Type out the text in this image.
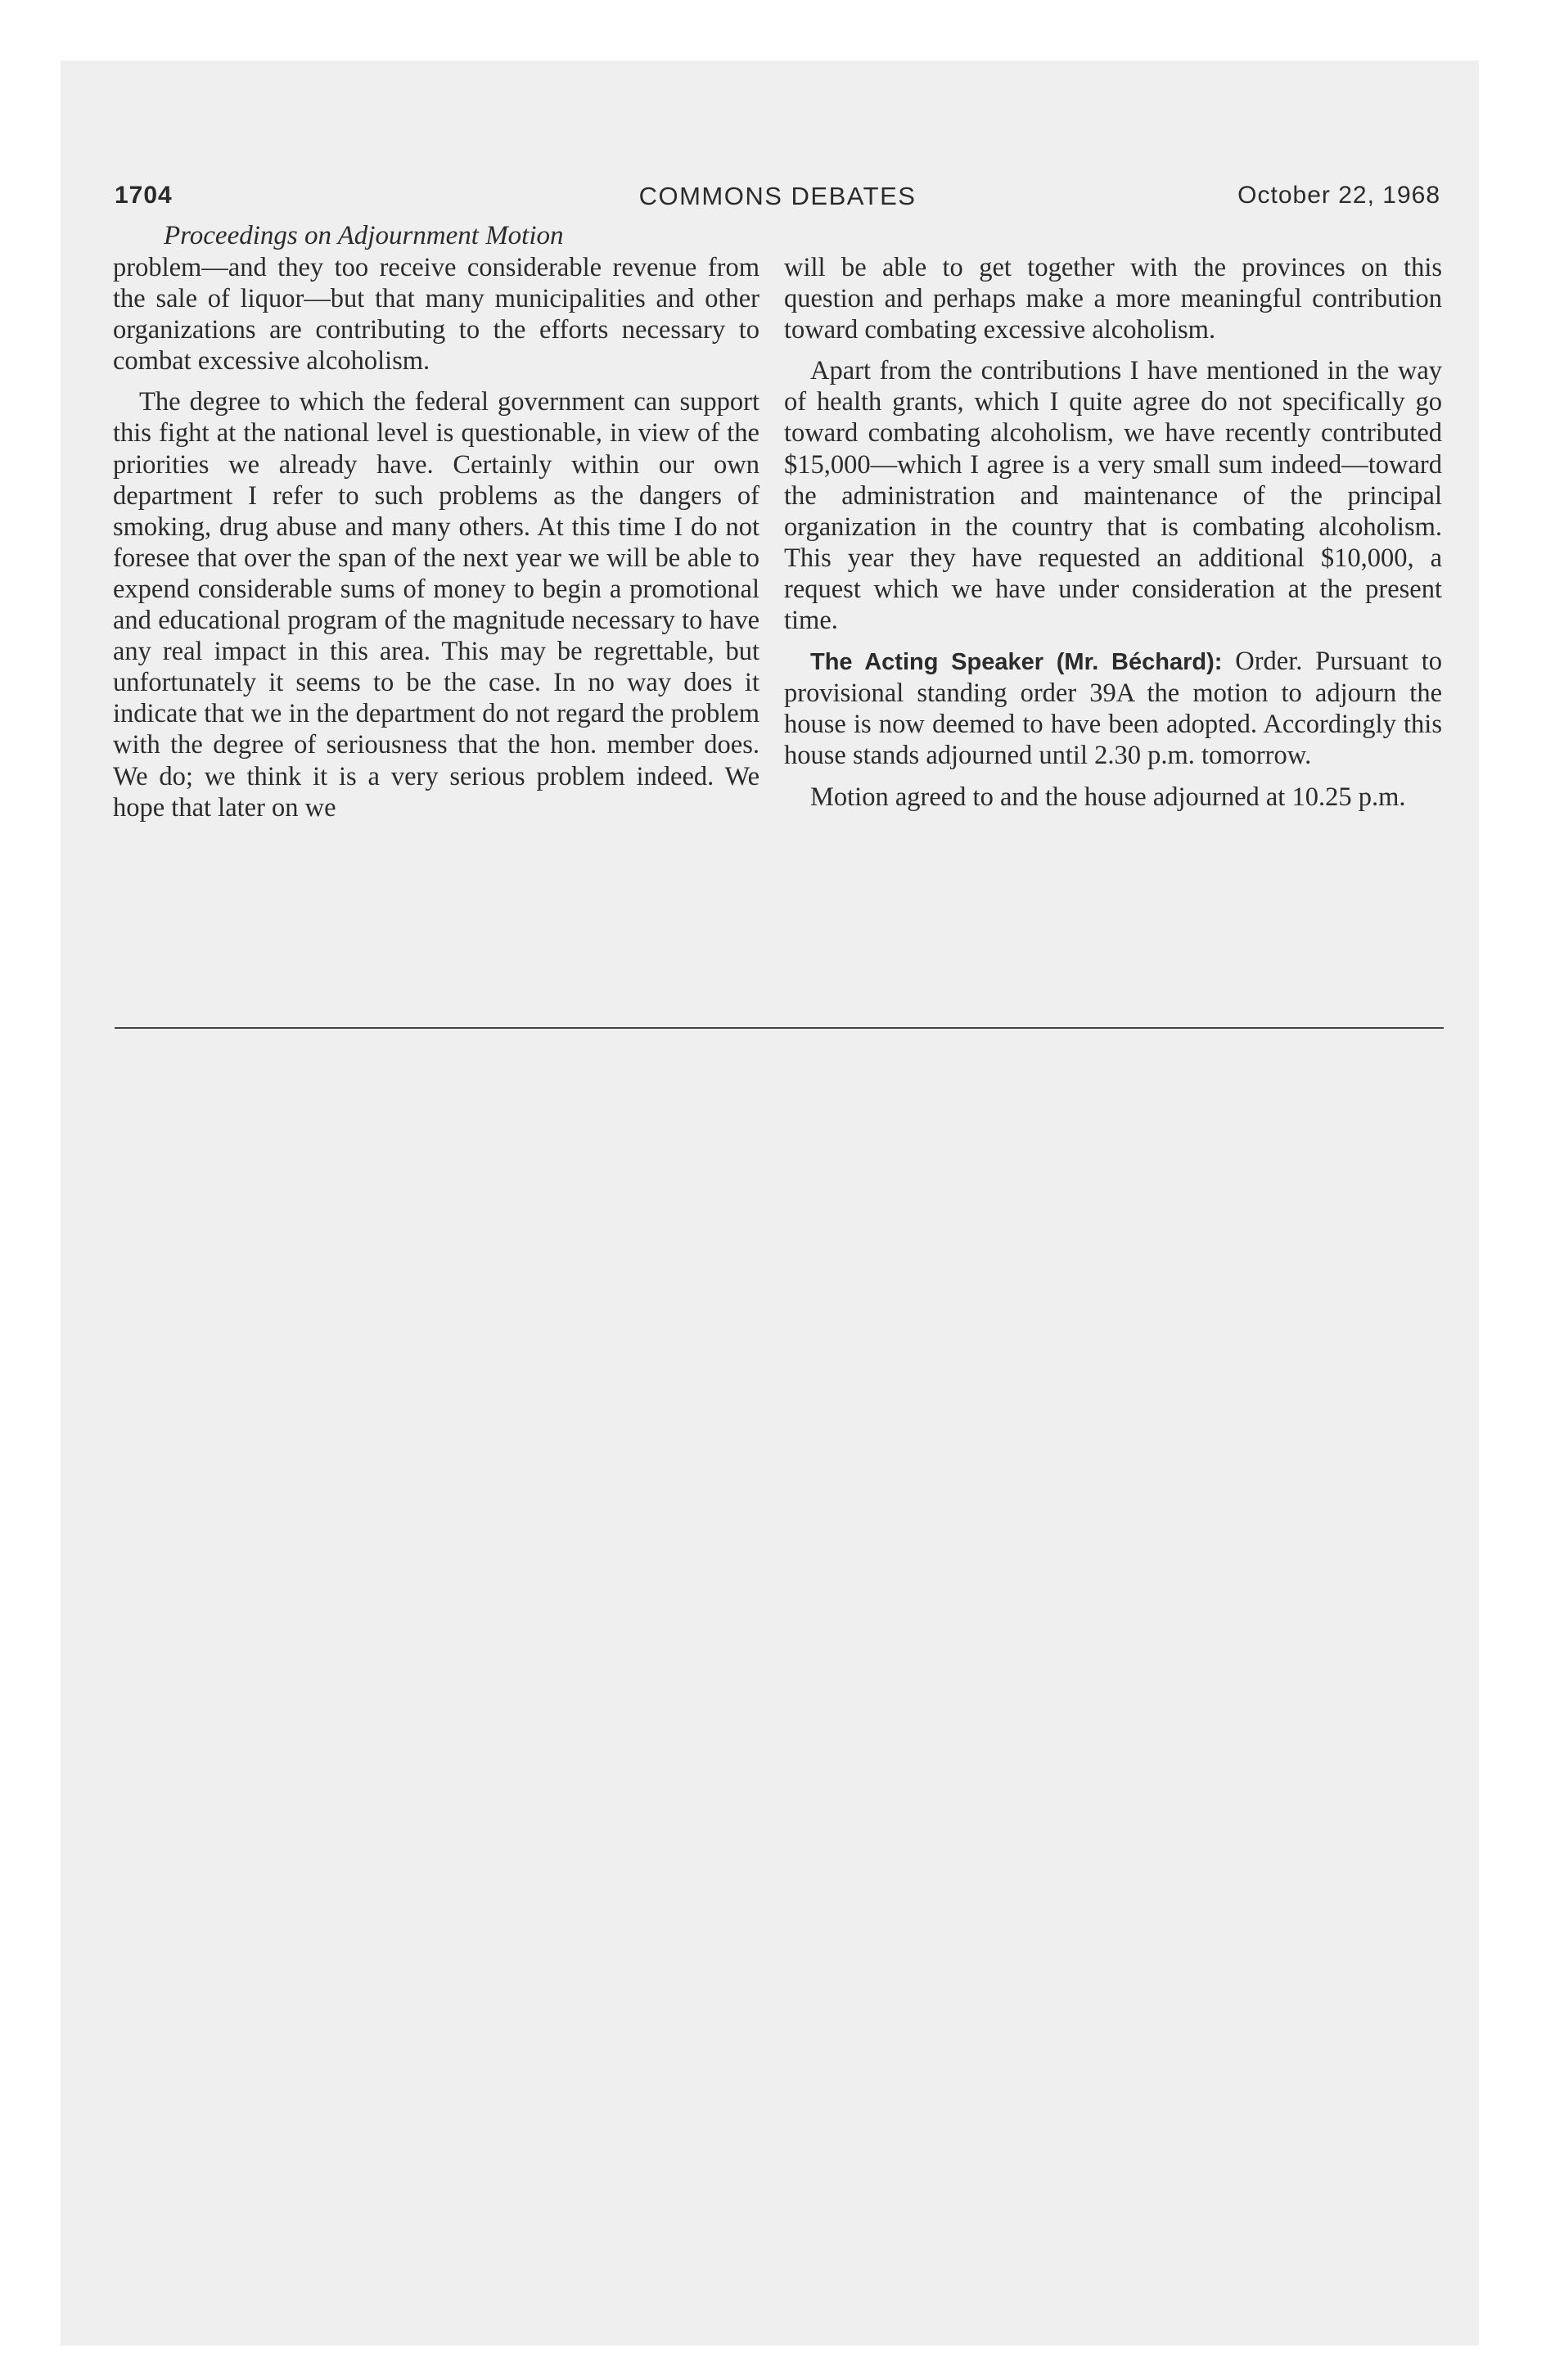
1704	COMMONS DEBATES	October 22, 1968
Proceedings on Adjournment Motion

problem—and they too receive considerable revenue from the sale of liquor—but that many municipalities and other organizations are contributing to the efforts necessary to combat excessive alcoholism.

The degree to which the federal government can support this fight at the national level is questionable, in view of the priorities we already have. Certainly within our own department I refer to such problems as the dangers of smoking, drug abuse and many others. At this time I do not foresee that over the span of the next year we will be able to expend considerable sums of money to begin a promotional and educational program of the magnitude necessary to have any real impact in this area. This may be regrettable, but unfortunately it seems to be the case. In no way does it indicate that we in the department do not regard the problem with the degree of seriousness that the hon. member does. We do; we think it is a very serious problem indeed. We hope that later on we

will be able to get together with the provinces on this question and perhaps make a more meaningful contribution toward combating excessive alcoholism.

Apart from the contributions I have mentioned in the way of health grants, which I quite agree do not specifically go toward combating alcoholism, we have recently contributed $15,000—which I agree is a very small sum indeed—toward the administration and maintenance of the principal organization in the country that is combating alcoholism. This year they have requested an additional $10,000, a request which we have under consideration at the present time.

The Acting Speaker (Mr. Béchard): Order. Pursuant to provisional standing order 39A the motion to adjourn the house is now deemed to have been adopted. Accordingly this house stands adjourned until 2.30 p.m. tomorrow.

Motion agreed to and the house adjourned at 10.25 p.m.
